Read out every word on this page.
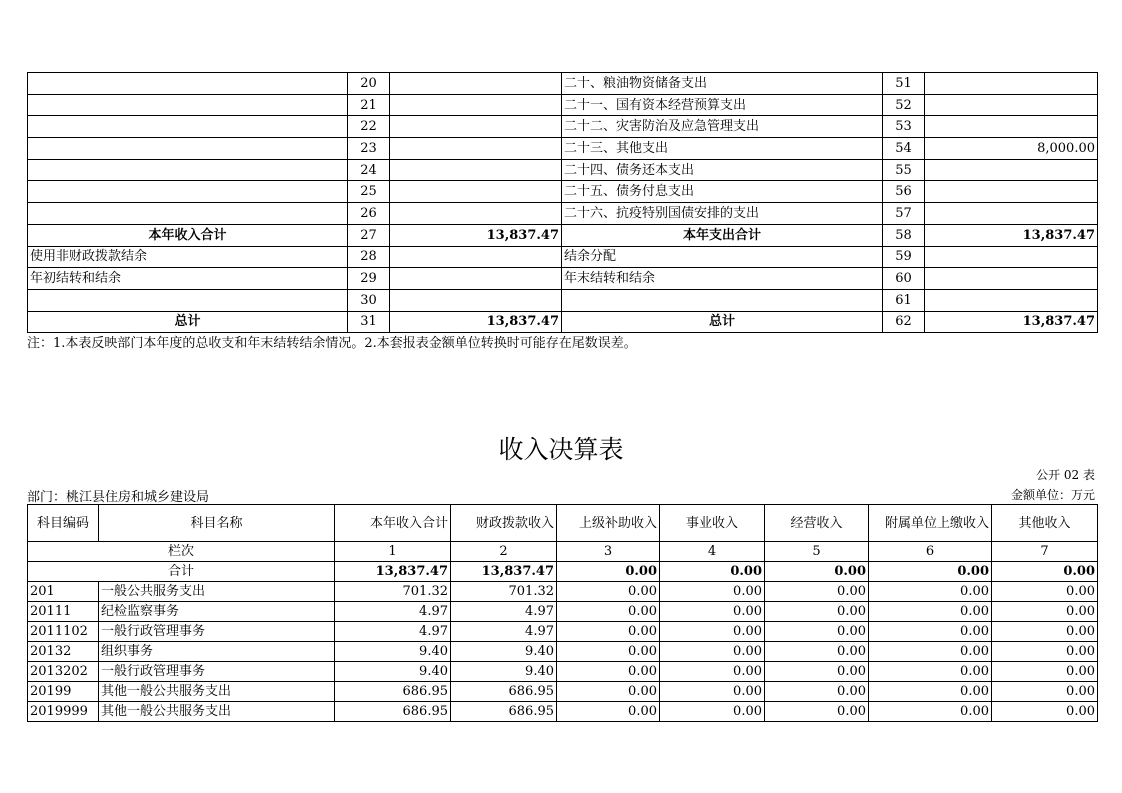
	20		二十、粮油物资储备支出	51	
	21		二十一、国有资本经营预算支出	52	
	22		二十二、灾害防治及应急管理支出	53	
	23		二十三、其他支出	54	8,000.00
	24		二十四、债务还本支出	55	
	25		二十五、债务付息支出	56	
	26		二十六、抗疫特别国债安排的支出	57	
本年收入合计	27	13,837.47	本年支出合计	58	13,837.47
使用非财政拨款结余	28		结余分配	59	
年初结转和结余	29		年末结转和结余	60	
	30			61	
总计	31	13,837.47	总计	62	13,837.47
注：1.本表反映部门本年度的总收支和年末结转结余情况。2.本套报表金额单位转换时可能存在尾数误差。
收入决算表
公开 02 表
部门：桃江县住房和城乡建设局	金额单位：万元
科目编码	科目名称	本年收入合计	财政拨款收入	上级补助收入	事业收入	经营收入	附属单位上缴收入	其他收入
栏次		1	2	3	4	5	6	7
合计		13,837.47	13,837.47	0.00	0.00	0.00	0.00	0.00
201	一般公共服务支出	701.32	701.32	0.00	0.00	0.00	0.00	0.00
20111	纪检监察事务	4.97	4.97	0.00	0.00	0.00	0.00	0.00
2011102	一般行政管理事务	4.97	4.97	0.00	0.00	0.00	0.00	0.00
20132	组织事务	9.40	9.40	0.00	0.00	0.00	0.00	0.00
2013202	一般行政管理事务	9.40	9.40	0.00	0.00	0.00	0.00	0.00
20199	其他一般公共服务支出	686.95	686.95	0.00	0.00	0.00	0.00	0.00
2019999	其他一般公共服务支出	686.95	686.95	0.00	0.00	0.00	0.00	0.00
